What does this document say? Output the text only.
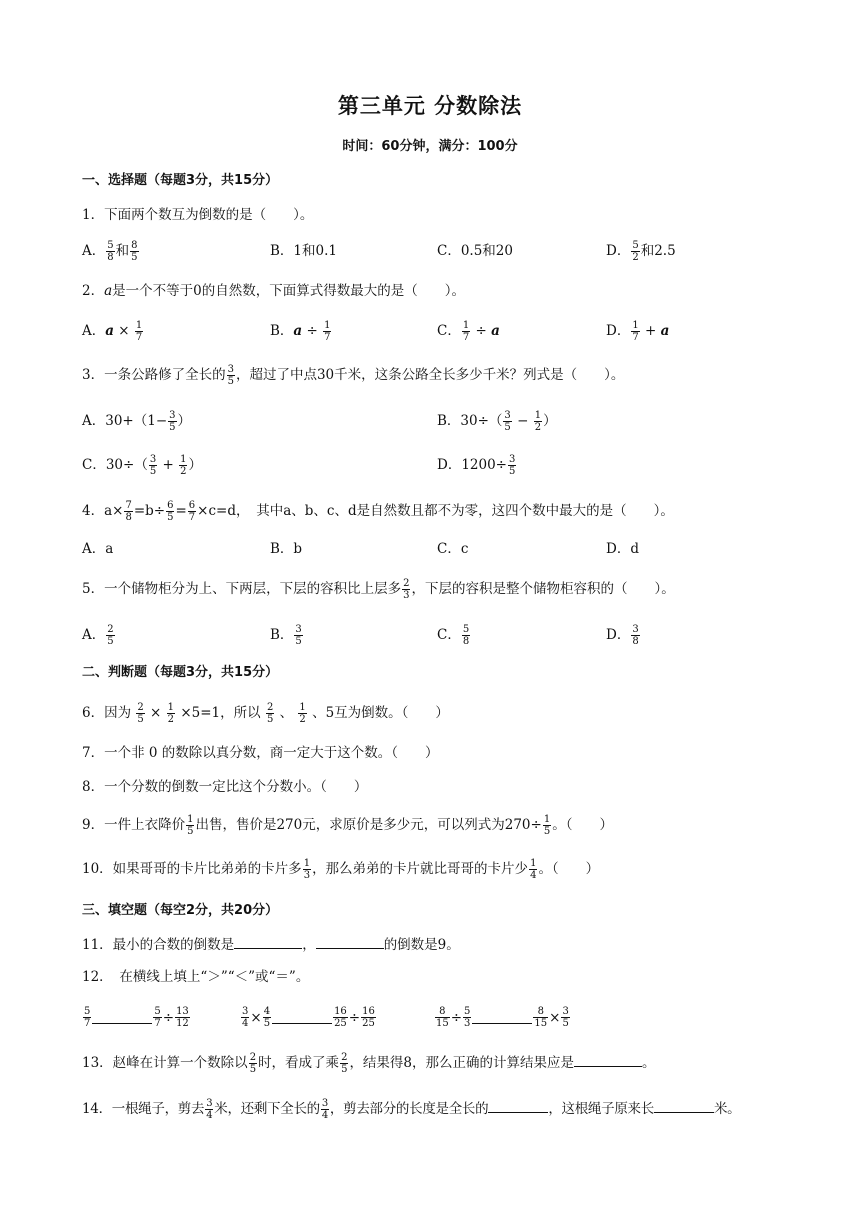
第三单元 分数除法
时间：60分钟，满分：100分
一、选择题（每题3分，共15分）
1．下面两个数互为倒数的是（　　）。
A． $\frac{5}{8}$ 和 $\frac{8}{5}$	B．1和0.1	C．0.5和20	D． $\frac{5}{2}$ 和2.5
2．a是一个不等于0的自然数，下面算式得数最大的是（　　）。
A．$a \times \frac{1}{7}$	B．$a \div \frac{1}{7}$	C． $\frac{1}{7} \div a$	D． $\frac{1}{7} + a$
3．一条公路修了全长的 $\frac{3}{5}$ ，超过了中点30千米，这条公路全长多少千米？列式是（　　）。
A．$30+(1- \frac{3}{5}$ ）	B．$30\div( \frac{3}{5} - \frac{1}{2}$ ）
C．$30\div( \frac{3}{5} + \frac{1}{2}$ ）	D．$1200\div \frac{3}{5}$
4．$a\times \frac{7}{8} =b\div \frac{6}{5} = \frac{6}{7} \times c=d$，　其中a、b、c、d是自然数且都不为零，这四个数中最大的是（　　）。
A．a	B．b	C．c	D．d
5．一个储物柜分为上、下两层，下层的容积比上层多 $\frac{2}{3}$ ，下层的容积是整个储物柜容积的（　　）。
A． $\frac{2}{5}$	B． $\frac{3}{5}$	C． $\frac{5}{8}$	D． $\frac{3}{8}$
二、判断题（每题3分，共15分）
6．因为 $\frac{2}{5} \times \frac{1}{2} \times 5=1$，所以 $\frac{2}{5}$ 、 $\frac{1}{2}$ 、5互为倒数。（　　）
7．一个非 0 的数除以真分数，商一定大于这个数。（　　）
8．一个分数的倒数一定比这个分数小。（　　）
9．一件上衣降价 $\frac{1}{5}$ 出售，售价是270元，求原价是多少元，可以列式为$270\div \frac{1}{5}$ 。（　　）
10．如果哥哥的卡片比弟弟的卡片多 $\frac{1}{3}$ ，那么弟弟的卡片就比哥哥的卡片少 $\frac{1}{4}$ 。（　　）
三、填空题（每空2分，共20分）
11．最小的合数的倒数是	，	的倒数是9。
12．　在横线上填上“＞”“＜”或“＝”。
$\frac{5}{7}$	$\frac{5}{7} \div \frac{13}{12}$	$\frac{3}{4} \times \frac{4}{5}$	$\frac{16}{25} \div \frac{16}{25}$	$\frac{8}{15} \div \frac{5}{3}$	$\frac{8}{15} \times \frac{3}{5}$
13．赵峰在计算一个数除以 $\frac{2}{5}$ 时，看成了乘 $\frac{2}{5}$ ，结果得8，那么正确的计算结果应是	。
14．一根绳子，剪去 $\frac{3}{4}$ 米，还剩下全长的 $\frac{3}{4}$ ，剪去部分的长度是全长的	，这根绳子原来长	米。
